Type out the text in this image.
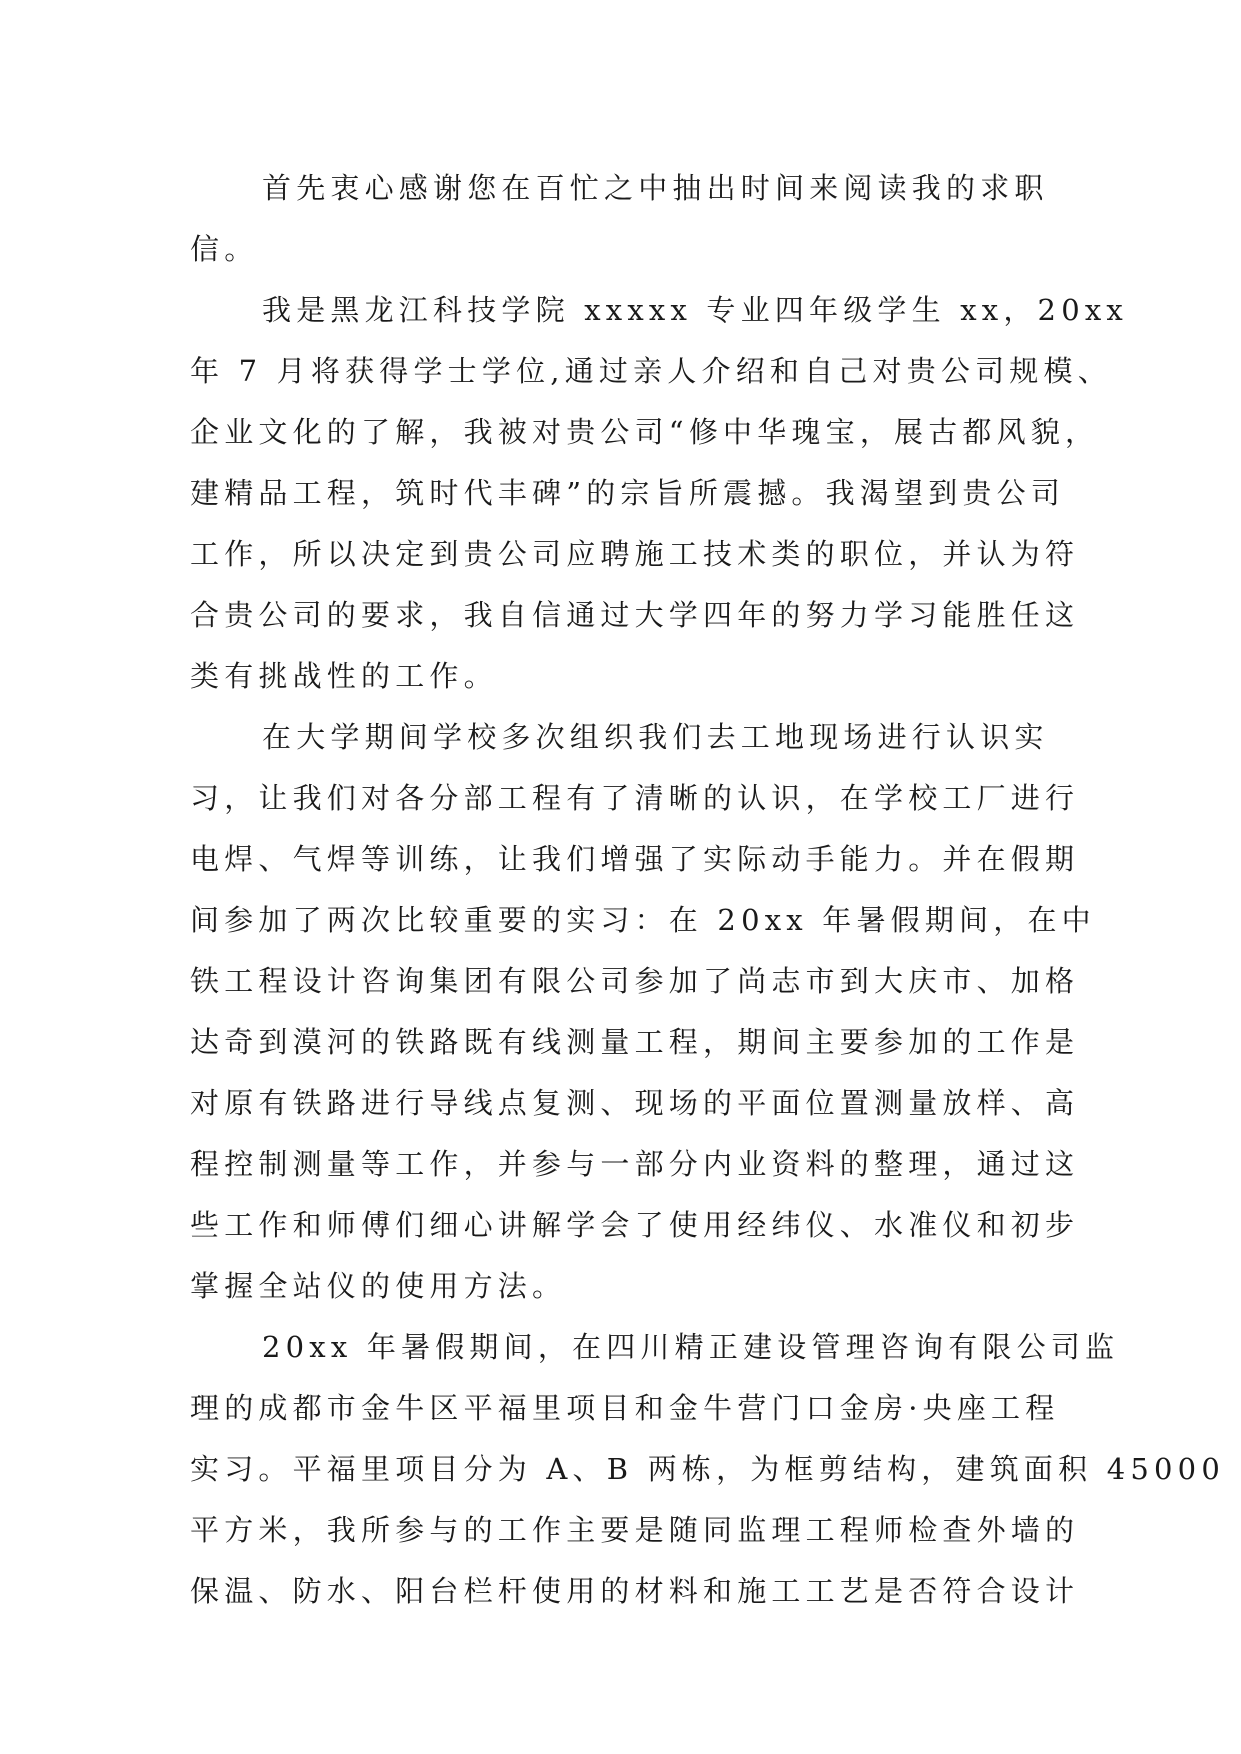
首先衷心感谢您在百忙之中抽出时间来阅读我的求职
信。
我是黑龙江科技学院 xxxxx 专业四年级学生 xx，20xx
年 7 月将获得学士学位,通过亲人介绍和自己对贵公司规模、
企业文化的了解，我被对贵公司“修中华瑰宝，展古都风貌，
建精品工程，筑时代丰碑”的宗旨所震撼。我渴望到贵公司
工作，所以决定到贵公司应聘施工技术类的职位，并认为符
合贵公司的要求，我自信通过大学四年的努力学习能胜任这
类有挑战性的工作。
在大学期间学校多次组织我们去工地现场进行认识实
习，让我们对各分部工程有了清晰的认识，在学校工厂进行
电焊、气焊等训练，让我们增强了实际动手能力。并在假期
间参加了两次比较重要的实习：在 20xx 年暑假期间，在中
铁工程设计咨询集团有限公司参加了尚志市到大庆市、加格
达奇到漠河的铁路既有线测量工程，期间主要参加的工作是
对原有铁路进行导线点复测、现场的平面位置测量放样、高
程控制测量等工作，并参与一部分内业资料的整理，通过这
些工作和师傅们细心讲解学会了使用经纬仪、水准仪和初步
掌握全站仪的使用方法。
20xx 年暑假期间，在四川精正建设管理咨询有限公司监
理的成都市金牛区平福里项目和金牛营门口金房·央座工程
实习。平福里项目分为 A、B 两栋，为框剪结构，建筑面积 45000
平方米，我所参与的工作主要是随同监理工程师检查外墙的
保温、防水、阳台栏杆使用的材料和施工工艺是否符合设计
